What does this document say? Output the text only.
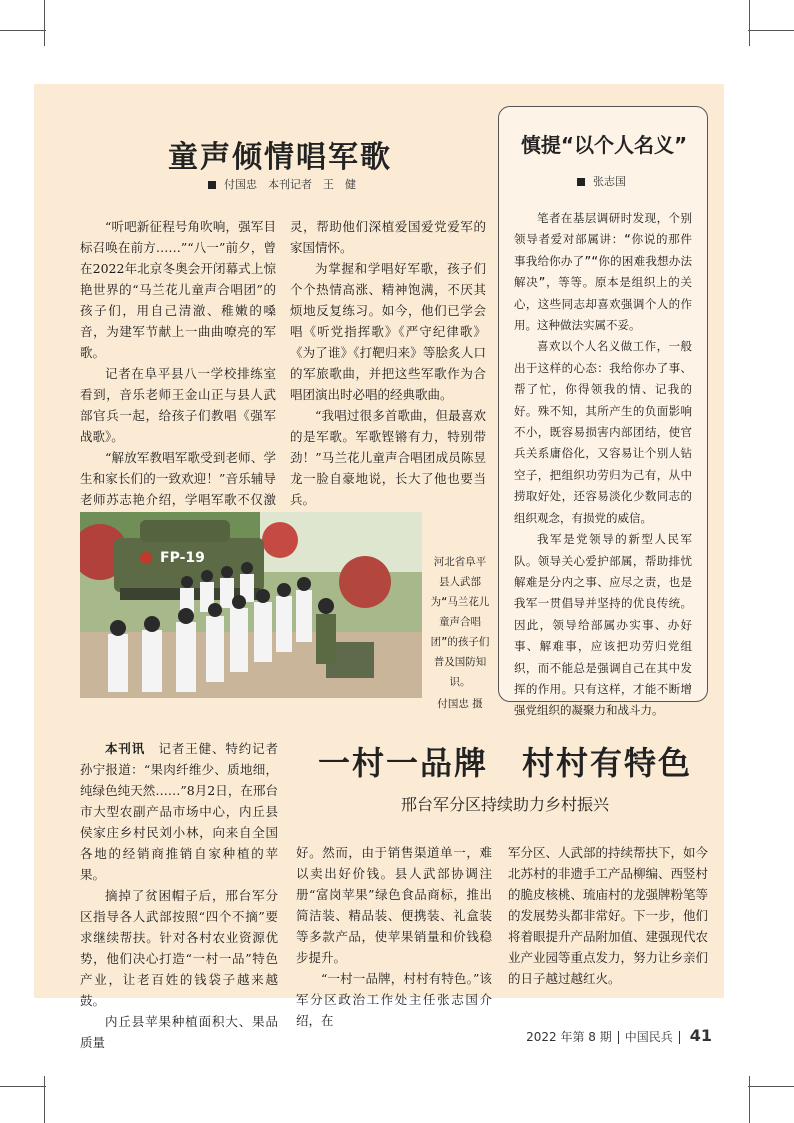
童声倾情唱军歌
付国忠　本刊记者　王　健

“听吧新征程号角吹响，强军目标召唤在前方……”“八一”前夕，曾在2022年北京冬奥会开闭幕式上惊艳世界的“马兰花儿童声合唱团”的孩子们，用自己清澈、稚嫩的嗓音，为建军节献上一曲曲嘹亮的军歌。

记者在阜平县八一学校排练室看到，音乐老师王金山正与县人武部官兵一起，给孩子们教唱《强军战歌》。

“解放军教唱军歌受到老师、学生和家长们的一致欢迎！”音乐辅导老师苏志艳介绍，学唱军歌不仅激

灵，帮助他们深植爱国爱党爱军的家国情怀。

为掌握和学唱好军歌，孩子们个个热情高涨、精神饱满，不厌其烦地反复练习。如今，他们已学会唱《听党指挥歌》《严守纪律歌》《为了谁》《打靶归来》等脍炙人口的军旅歌曲，并把这些军歌作为合唱团演出时必唱的经典歌曲。

“我唱过很多首歌曲，但最喜欢的是军歌。军歌铿锵有力，特别带劲！”马兰花儿童声合唱团成员陈昱龙一脸自豪地说，长大了他也要当兵。

FP-19	河北省阜平县人武部为“马兰花儿童声合唱团”的孩子们普及国防知识。
付国忠 摄
慎提“以个人名义”
张志国

笔者在基层调研时发现，个别领导者爱对部属讲：“你说的那件事我给你办了”“你的困难我想办法解决”，等等。原本是组织上的关心，这些同志却喜欢强调个人的作用。这种做法实属不妥。

喜欢以个人名义做工作，一般出于这样的心态：我给你办了事、帮了忙，你得领我的情、记我的好。殊不知，其所产生的负面影响不小，既容易损害内部团结，使官兵关系庸俗化，又容易让个别人钻空子，把组织功劳归为己有，从中捞取好处，还容易淡化少数同志的组织观念，有损党的威信。

我军是党领导的新型人民军队。领导关心爱护部属，帮助排忧解难是分内之事、应尽之责，也是我军一贯倡导并坚持的优良传统。因此，领导给部属办实事、办好事、解难事，应该把功劳归党组织，而不能总是强调自己在其中发挥的作用。只有这样，才能不断增强党组织的凝聚力和战斗力。

一村一品牌　村村有特色
邢台军分区持续助力乡村振兴

本刊讯　记者王健、特约记者孙宁报道：“果肉纤维少、质地细，纯绿色纯天然……”8月2日，在邢台市大型农副产品市场中心，内丘县侯家庄乡村民刘小林，向来自全国各地的经销商推销自家种植的苹果。

摘掉了贫困帽子后，邢台军分区指导各人武部按照“四个不摘”要求继续帮扶。针对各村农业资源优势，他们决心打造“一村一品”特色产业，让老百姓的钱袋子越来越鼓。

内丘县苹果种植面积大、果品质量

好。然而，由于销售渠道单一，难以卖出好价钱。县人武部协调注册“富岗苹果”绿色食品商标，推出简洁装、精品装、便携装、礼盒装等多款产品，使苹果销量和价钱稳步提升。

“一村一品牌，村村有特色。”该军分区政治工作处主任张志国介绍，在

军分区、人武部的持续帮扶下，如今北苏村的非遗手工产品柳编、西竖村的脆皮核桃、琉庙村的龙强牌粉笔等的发展势头都非常好。下一步，他们将着眼提升产品附加值、建强现代农业产业园等重点发力，努力让乡亲们的日子越过越红火。

2022 年第 8 期 中国民兵 41
